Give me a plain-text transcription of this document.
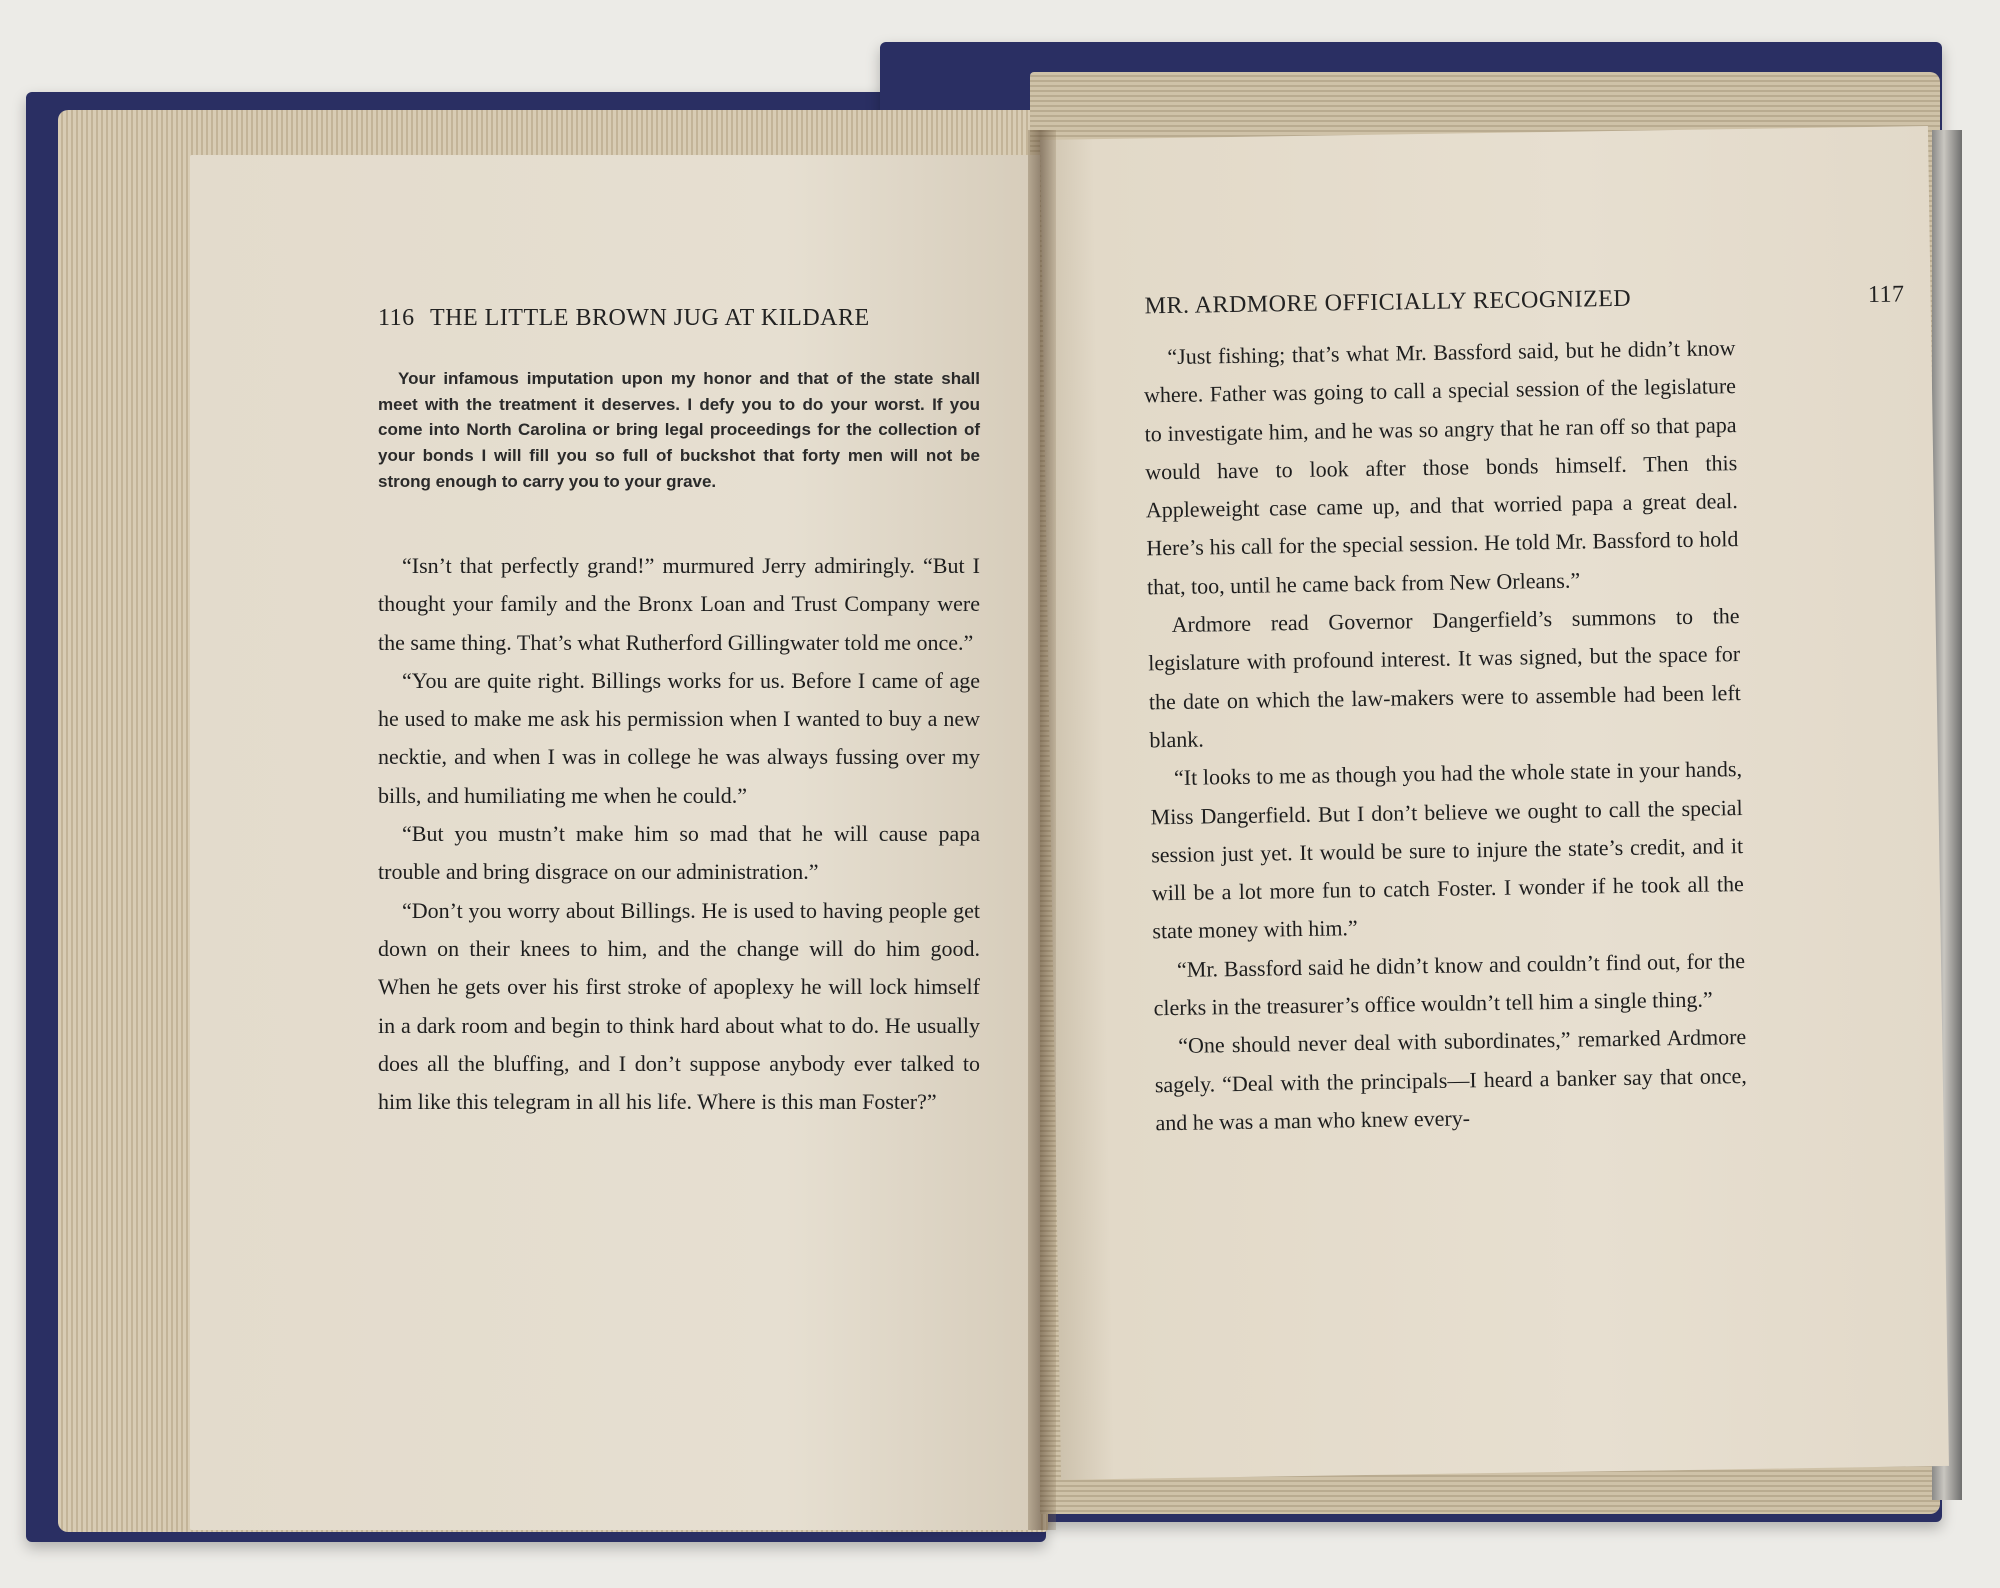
116 THE LITTLE BROWN JUG AT KILDARE

Your infamous imputation upon my honor and that of the state shall meet with the treatment it deserves. I defy you to do your worst. If you come into North Carolina or bring legal proceedings for the collection of your bonds I will fill you so full of buckshot that forty men will not be strong enough to carry you to your grave.

“Isn’t that perfectly grand!” murmured Jerry admiringly. “But I thought your family and the Bronx Loan and Trust Company were the same thing. That’s what Rutherford Gillingwater told me once.”

“You are quite right. Billings works for us. Before I came of age he used to make me ask his permission when I wanted to buy a new necktie, and when I was in college he was always fussing over my bills, and humiliating me when he could.”

“But you mustn’t make him so mad that he will cause papa trouble and bring disgrace on our administration.”

“Don’t you worry about Billings. He is used to having people get down on their knees to him, and the change will do him good. When he gets over his first stroke of apoplexy he will lock himself in a dark room and begin to think hard about what to do. He usually does all the bluffing, and I don’t suppose anybody ever talked to him like this telegram in all his life. Where is this man Foster?”

MR. ARDMORE OFFICIALLY RECOGNIZED	117

“Just fishing; that’s what Mr. Bassford said, but he didn’t know where. Father was going to call a special session of the legislature to investigate him, and he was so angry that he ran off so that papa would have to look after those bonds himself. Then this Appleweight case came up, and that worried papa a great deal. Here’s his call for the special session. He told Mr. Bassford to hold that, too, until he came back from New Orleans.”

Ardmore read Governor Dangerfield’s summons to the legislature with profound interest. It was signed, but the space for the date on which the law-makers were to assemble had been left blank.

“It looks to me as though you had the whole state in your hands, Miss Dangerfield. But I don’t believe we ought to call the special session just yet. It would be sure to injure the state’s credit, and it will be a lot more fun to catch Foster. I wonder if he took all the state money with him.”

“Mr. Bassford said he didn’t know and couldn’t find out, for the clerks in the treasurer’s office wouldn’t tell him a single thing.”

“One should never deal with subordinates,” remarked Ardmore sagely. “Deal with the principals—I heard a banker say that once, and he was a man who knew every-
